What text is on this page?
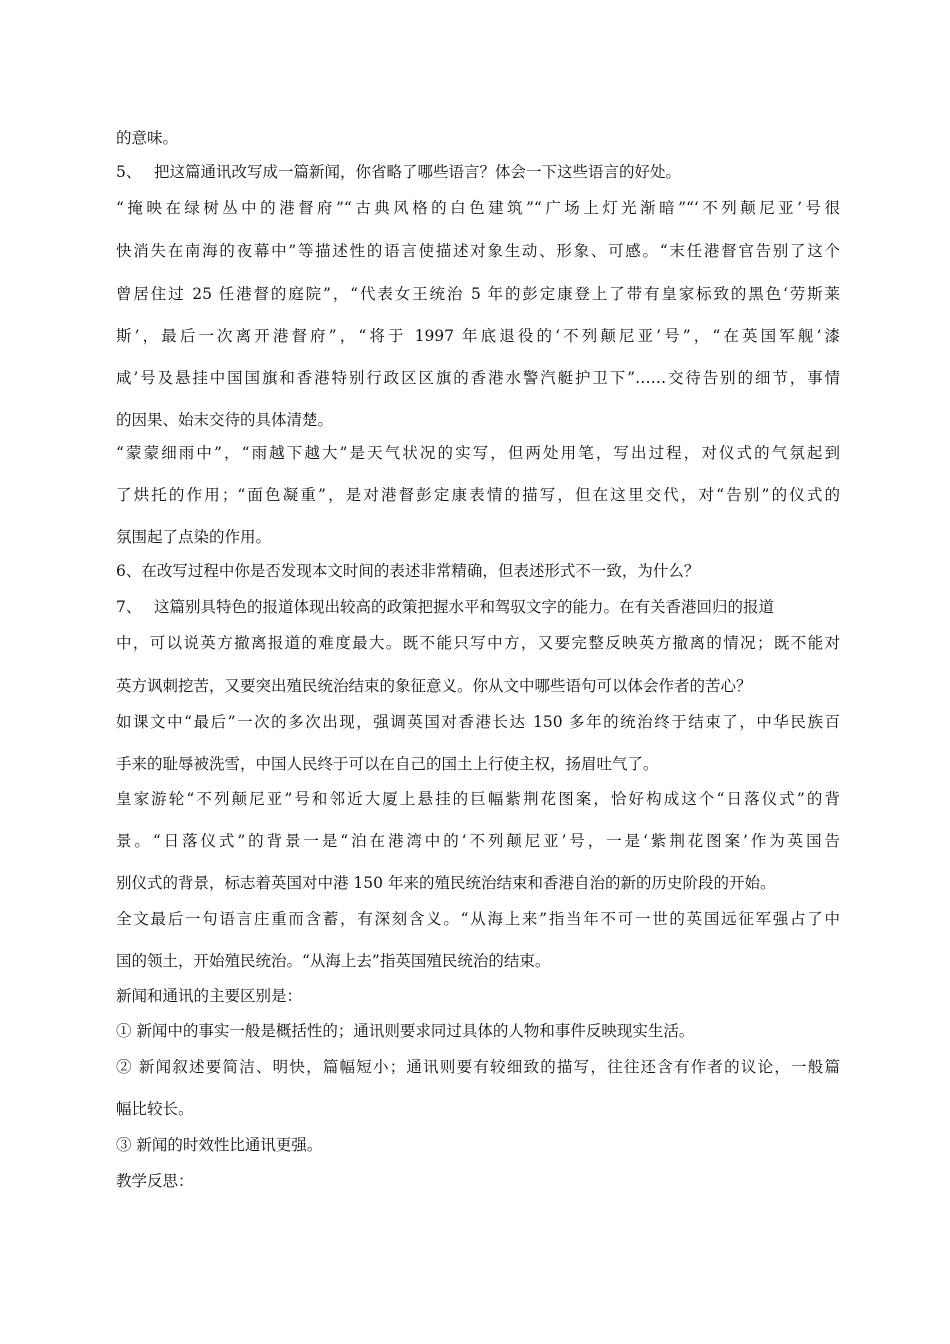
的意味。
5、 把这篇通讯改写成一篇新闻，你省略了哪些语言？体会一下这些语言的好处。
“掩映在绿树丛中的港督府”“古典风格的白色建筑”“广场上灯光渐暗”“‘不列颠尼亚’号很
快消失在南海的夜幕中”等描述性的语言使描述对象生动、形象、可感。“末任港督官告别了这个
曾居住过 25 任港督的庭院”，“代表女王统治 5 年的彭定康登上了带有皇家标致的黑色‘劳斯莱
斯’，最后一次离开港督府”，“将于 1997 年底退役的‘不列颠尼亚’号”，“在英国军舰‘漆
咸’号及悬挂中国国旗和香港特别行政区区旗的香港水警汽艇护卫下”……交待告别的细节，事情
的因果、始末交待的具体清楚。
“蒙蒙细雨中”，“雨越下越大”是天气状况的实写，但两处用笔，写出过程，对仪式的气氛起到
了烘托的作用；“面色凝重”，是对港督彭定康表情的描写，但在这里交代，对“告别”的仪式的
氛围起了点染的作用。
6、在改写过程中你是否发现本文时间的表述非常精确，但表述形式不一致，为什么？
7、 这篇别具特色的报道体现出较高的政策把握水平和驾驭文字的能力。在有关香港回归的报道
中，可以说英方撤离报道的难度最大。既不能只写中方，又要完整反映英方撤离的情况；既不能对
英方讽刺挖苦，又要突出殖民统治结束的象征意义。你从文中哪些语句可以体会作者的苦心？
如课文中“最后”一次的多次出现，强调英国对香港长达 150 多年的统治终于结束了，中华民族百
手来的耻辱被洗雪，中国人民终于可以在自己的国土上行使主权，扬眉吐气了。
皇家游轮“不列颠尼亚”号和邻近大厦上悬挂的巨幅紫荆花图案，恰好构成这个“日落仪式”的背
景。“日落仪式”的背景一是“泊在港湾中的‘不列颠尼亚’号，一是‘紫荆花图案’作为英国告
别仪式的背景，标志着英国对中港 150 年来的殖民统治结束和香港自治的新的历史阶段的开始。
全文最后一句语言庄重而含蓄，有深刻含义。“从海上来”指当年不可一世的英国远征军强占了中
国的领土，开始殖民统治。“从海上去”指英国殖民统治的结束。
新闻和通讯的主要区别是：
① 新闻中的事实一般是概括性的；通讯则要求同过具体的人物和事件反映现实生活。
② 新闻叙述要简洁、明快，篇幅短小；通讯则要有较细致的描写，往往还含有作者的议论，一般篇
幅比较长。
③ 新闻的时效性比通讯更强。
教学反思：
